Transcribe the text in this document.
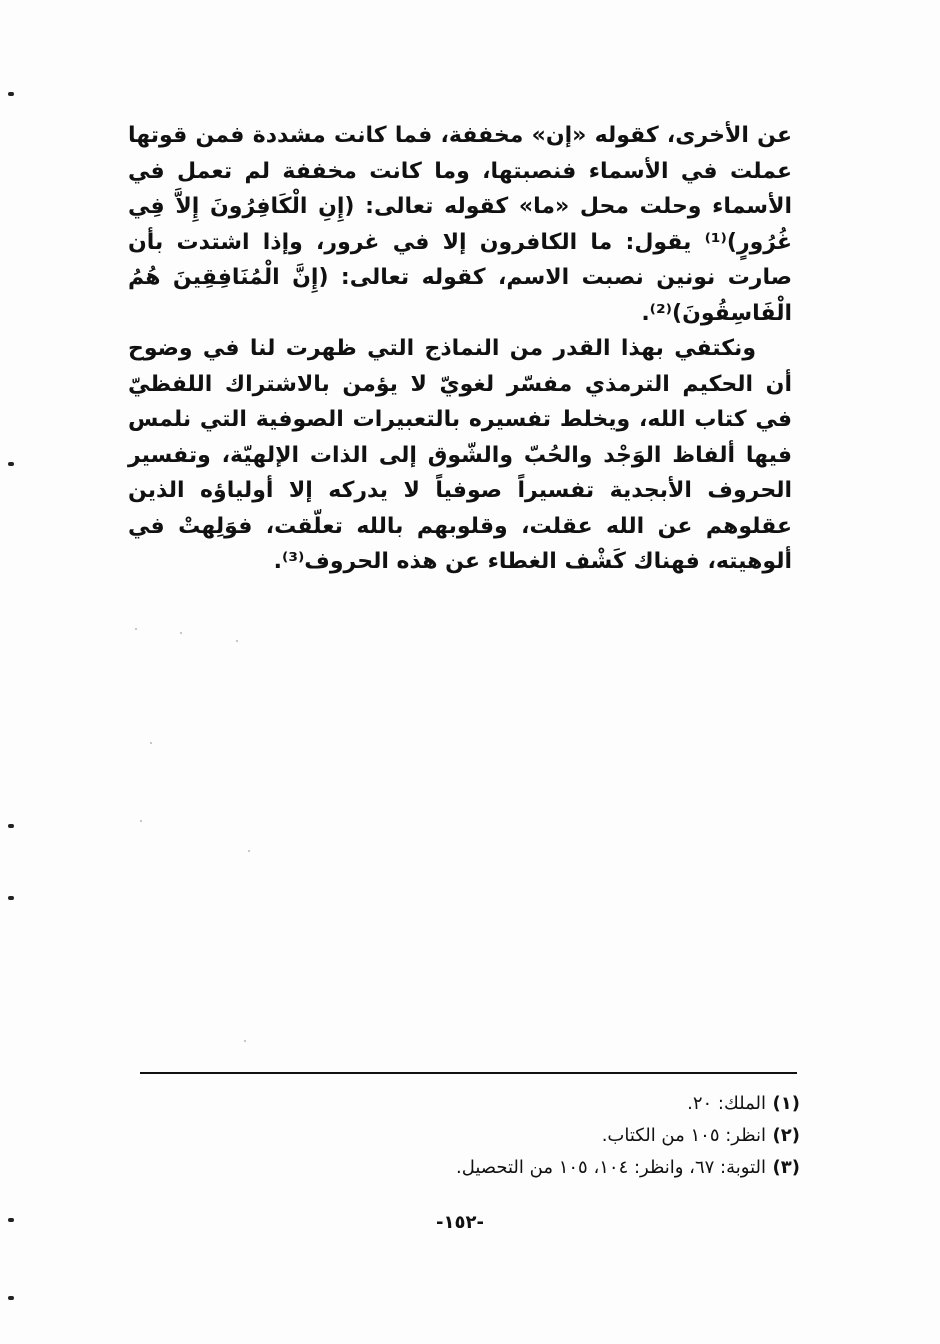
عن الأخرى، كقوله «إن» مخففة، فما كانت مشددة فمن قوتها عملت في الأسماء فنصبتها، وما كانت مخففة لم تعمل في الأسماء وحلت محل «ما» كقوله تعالى: (إِنِ الْكَافِرُونَ إِلاَّ فِي غُرُورٍ)⁽¹⁾ يقول: ما الكافرون إلا في غرور، وإذا اشتدت بأن صارت نونين نصبت الاسم، كقوله تعالى: (إِنَّ الْمُنَافِقِينَ هُمُ الْفَاسِقُونَ)⁽²⁾.

ونكتفي بهذا القدر من النماذج التي ظهرت لنا في وضوح أن الحكيم الترمذي مفسّر لغويّ لا يؤمن بالاشتراك اللفظيّ في كتاب الله، ويخلط تفسيره بالتعبيرات الصوفية التي نلمس فيها ألفاظ الوَجْد والحُبّ والشّوق إلى الذات الإلهيّة، وتفسير الحروف الأبجدية تفسيراً صوفياً لا يدركه إلا أولياؤه الذين عقلوهم عن الله عقلت، وقلوبهم بالله تعلّقت، فوَلِهتْ في ألوهيته، فهناك كَشْف الغطاء عن هذه الحروف⁽³⁾.

(١)
الملك: ٢٠.
(٢)
انظر: ١٠٥ من الكتاب.
(٣)
التوبة: ٦٧، وانظر: ١٠٤، ١٠٥ من التحصيل.
-١٥٢-
